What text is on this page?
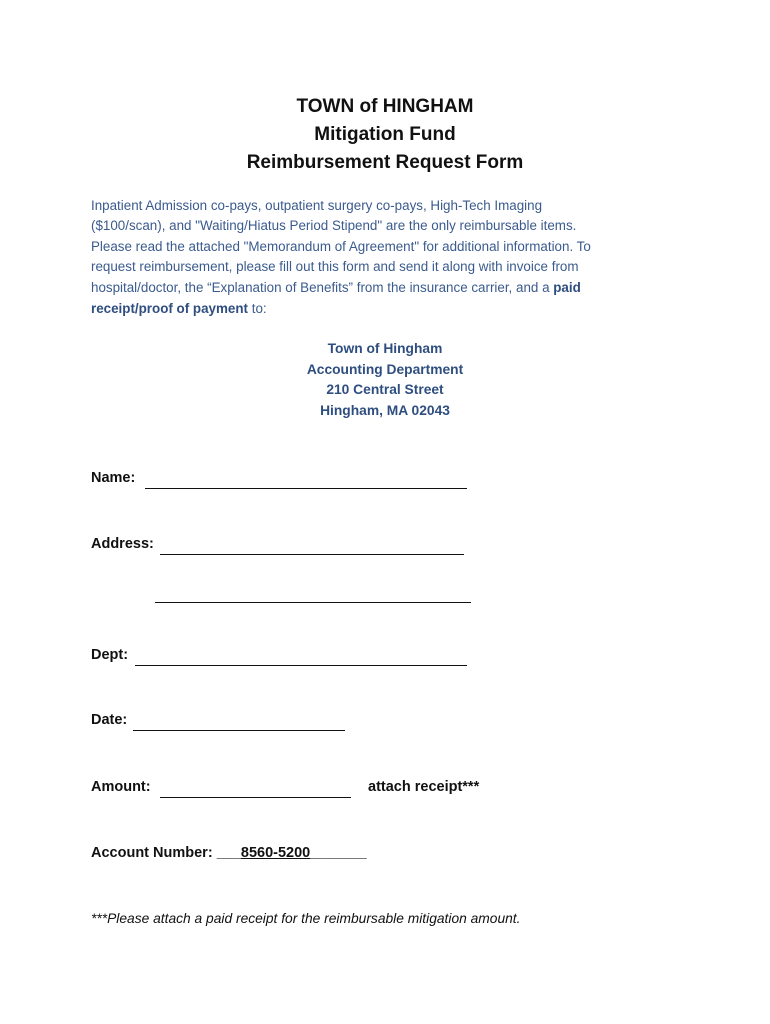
TOWN of HINGHAM
Mitigation Fund
Reimbursement Request Form
Inpatient Admission co-pays, outpatient surgery co-pays, High-Tech Imaging
($100/scan), and "Waiting/Hiatus Period Stipend" are the only reimbursable items.
Please read the attached "Memorandum of Agreement" for additional information. To
request reimbursement, please fill out this form and send it along with invoice from
hospital/doctor, the “Explanation of Benefits” from the insurance carrier, and a paid
receipt/proof of payment to:
Town of Hingham
Accounting Department
210 Central Street
Hingham, MA 02043
Name:
Address:
Dept:
Date:
Amount:	attach receipt***
Account Number: ___8560-5200_______
***Please attach a paid receipt for the reimbursable mitigation amount.
